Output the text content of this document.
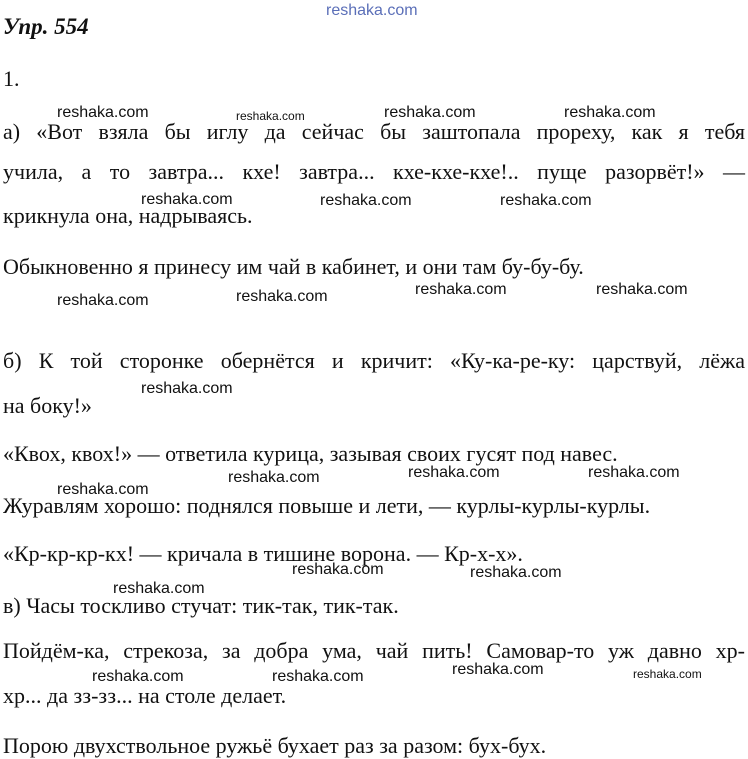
Упр. 554

1.

а) «Вот взяла бы иглу да сейчас бы заштопала прореху, как я тебя

учила, а то завтра... кхе! завтра... кхе-кхе-кхе!.. пуще разорвёт!» —

крикнула она, надрываясь.

Обыкновенно я принесу им чай в кабинет, и они там бу-бу-бу.

б) К той сторонке обернётся и кричит: «Ку-ка-ре-ку: царствуй, лёжа

на боку!»

«Квох, квох!» — ответила курица, зазывая своих гусят под навес.

Журавлям хорошо: поднялся повыше и лети, — курлы-курлы-курлы.

«Кр-кр-кр-кх! — кричала в тишине ворона. — Кр-х-х».

в) Часы тоскливо стучат: тик-так, тик-так.

Пойдём-ка, стрекоза, за добра ума, чай пить! Самовар-то уж давно хр-

хр... да зз-зз... на столе делает.

Порою двухствольное ружьё бухает раз за разом: бух-бух.

reshaka.com
reshaka.com	reshaka.com	reshaka.com	reshaka.com
reshaka.com	reshaka.com	reshaka.com
reshaka.com	reshaka.com	reshaka.com	reshaka.com
reshaka.com
reshaka.com	reshaka.com	reshaka.com
reshaka.com
reshaka.com	reshaka.com
reshaka.com
reshaka.com	reshaka.com
reshaka.com	reshaka.com
